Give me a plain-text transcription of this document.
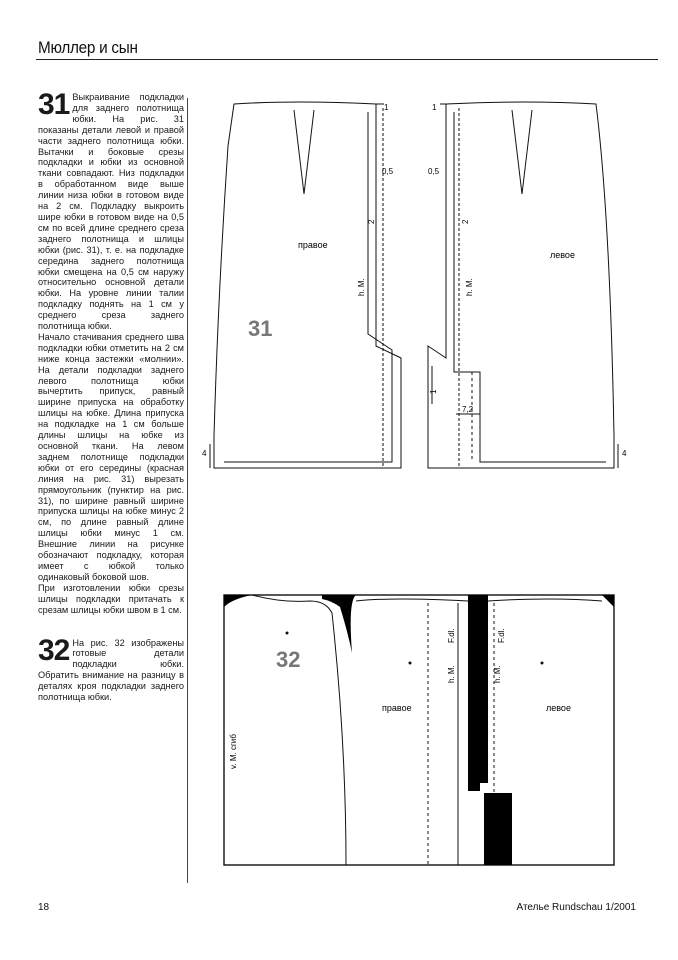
Мюллер и сын

31 Выкраивание подкладки для заднего полотнища юбки. На рис. 31 показаны детали левой и правой части заднего полотнища юбки. Вытачки и боковые срезы подкладки и юбки из основной ткани совпадают. Низ подкладки в обработанном виде выше линии низа юбки в готовом виде на 2 см. Подкладку выкроить шире юбки в готовом виде на 0,5 см по всей длине среднего среза заднего полотнища и шлицы юбки (рис. 31), т. е. на подкладке середина заднего полотнища юбки смещена на 0,5 см наружу относительно основной детали юбки. На уровне линии талии подкладку поднять на 1 см у среднего среза заднего полотнища юбки.

Начало стачивания среднего шва подкладки юбки отметить на 2 см ниже конца застежки «молнии». На детали подкладки заднего левого полотнища юбки вычертить припуск, равный ширине припуска на обработку шлицы на юбке. Длина припуска на подкладке на 1 см больше длины шлицы на юбке из основной ткани. На левом заднем полотнище подкладки юбки от его середины (красная линия на рис. 31) вырезать прямоугольник (пунктир на рис. 31), по ширине равный ширине припуска шлицы на юбке минус 2 см, по длине равный длине шлицы юбки минус 1 см. Внешние линии на рисунке обозначают подкладку, которая имеет с юбкой только одинаковый боковой шов.

При изготовлении юбки срезы шлицы подкладки притачать к срезам шлицы юбки швом в 1 см.

32 На рис. 32 изображены готовые детали подкладки юбки. Обратить внимание на разницу в деталях кроя подкладки заднего полотнища юбки.

31
правое
левое
h. M.	h. M.
1	1
0,5	0,5
2	2
4	4
1
7,2
32
правое	левое
h. M.	h. M.
F.dl.	F.dl.
v. M. сгиб
18	Ателье Rundschau 1/2001
